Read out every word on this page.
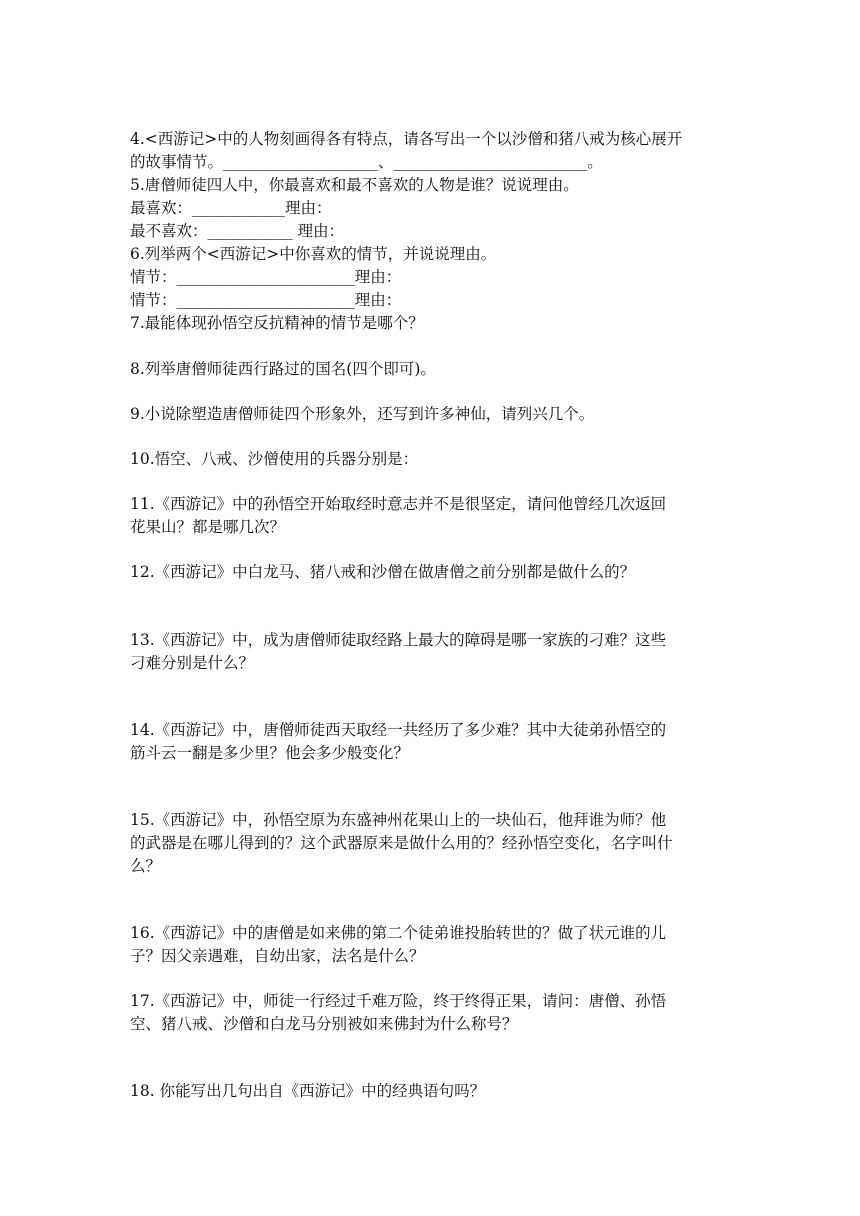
4.<西游记>中的人物刻画得各有特点，请各写出一个以沙僧和猪八戒为核心展开

的故事情节。____________________、_________________________。

5.唐僧师徒四人中，你最喜欢和最不喜欢的人物是谁？说说理由。

最喜欢：____________理由：

最不喜欢：___________ 理由：

6.列举两个<西游记>中你喜欢的情节，并说说理由。

情节：_______________________理由：

情节：_______________________理由：

7.最能体现孙悟空反抗精神的情节是哪个？

8.列举唐僧师徒西行路过的国名(四个即可)。

9.小说除塑造唐僧师徒四个形象外，还写到许多神仙，请列兴几个。

10.悟空、八戒、沙僧使用的兵器分别是：

11.《西游记》中的孙悟空开始取经时意志并不是很坚定，请问他曾经几次返回

花果山？都是哪几次？

12.《西游记》中白龙马、猪八戒和沙僧在做唐僧之前分别都是做什么的？

13.《西游记》中，成为唐僧师徒取经路上最大的障碍是哪一家族的刁难？这些

刁难分别是什么？

14.《西游记》中，唐僧师徒西天取经一共经历了多少难？其中大徒弟孙悟空的

筋斗云一翻是多少里？他会多少般变化？

15.《西游记》中，孙悟空原为东盛神州花果山上的一块仙石，他拜谁为师？他

的武器是在哪儿得到的？这个武器原来是做什么用的？经孙悟空变化，名字叫什

么？

16.《西游记》中的唐僧是如来佛的第二个徒弟谁投胎转世的？做了状元谁的儿

子？因父亲遇难，自幼出家，法名是什么？

17.《西游记》中，师徒一行经过千难万险，终于终得正果，请问：唐僧、孙悟

空、猪八戒、沙僧和白龙马分别被如来佛封为什么称号？

18. 你能写出几句出自《西游记》中的经典语句吗？
